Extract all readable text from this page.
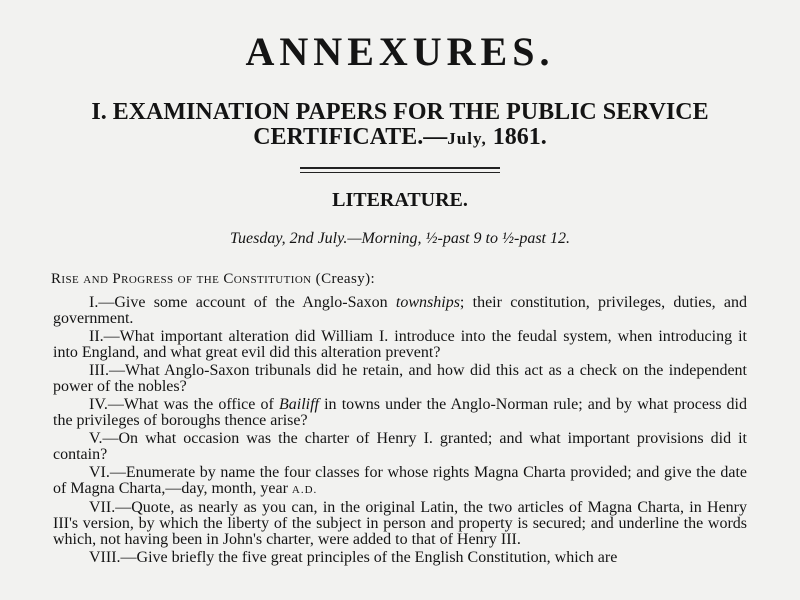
ANNEXURES.
I. EXAMINATION PAPERS FOR THE PUBLIC SERVICE
CERTIFICATE.—July, 1861.
LITERATURE.

Tuesday, 2nd July.—Morning, ½-past 9 to ½-past 12.

Rise and Progress of the Constitution (Creasy):

I.—Give some account of the Anglo-Saxon townships; their constitution, privileges, duties, and government.
II.—What important alteration did William I. introduce into the feudal system, when introducing it into England, and what great evil did this alteration prevent?
III.—What Anglo-Saxon tribunals did he retain, and how did this act as a check on the independent power of the nobles?
IV.—What was the office of Bailiff in towns under the Anglo-Norman rule; and by what process did the privileges of boroughs thence arise?
V.—On what occasion was the charter of Henry I. granted; and what important provisions did it contain?
VI.—Enumerate by name the four classes for whose rights Magna Charta provided; and give the date of Magna Charta,—day, month, year A.D.
VII.—Quote, as nearly as you can, in the original Latin, the two articles of Magna Charta, in Henry III's version, by which the liberty of the subject in person and property is secured; and underline the words which, not having been in John's charter, were added to that of Henry III.
VIII.—Give briefly the five great principles of the English Constitution, which are
